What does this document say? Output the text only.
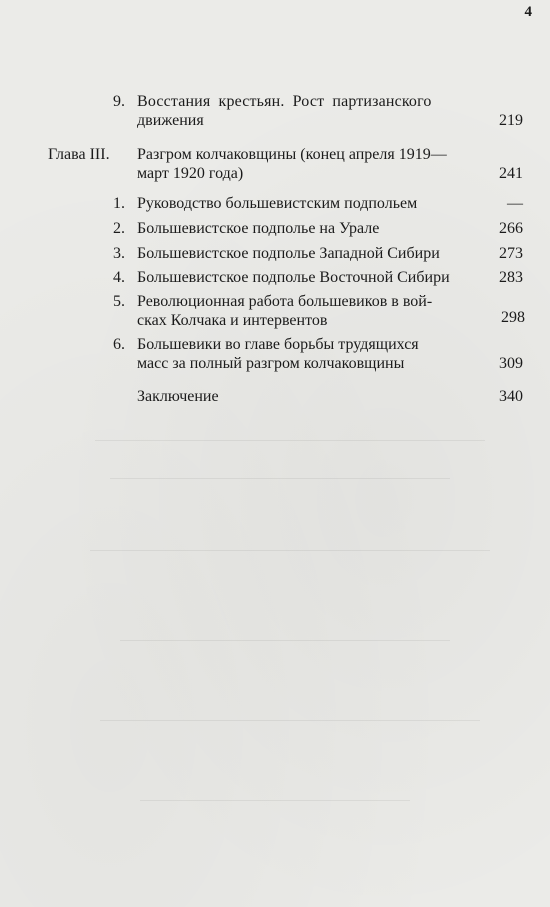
4
9. Восстания крестьян. Рост партизанского
движения	219
Глава III. Разгром колчаковщины (конец апреля 1919—
март 1920 года)	241
1. Руководство большевистским подпольем	—
2. Большевистское подполье на Урале	266
3. Большевистское подполье Западной Сибири	273
4. Большевистское подполье Восточной Сибири	283
5. Революционная работа большевиков в вой-
сках Колчака и интервентов	298
6. Большевики во главе борьбы трудящихся
масс за полный разгром колчаковщины	309
Заключение	340
